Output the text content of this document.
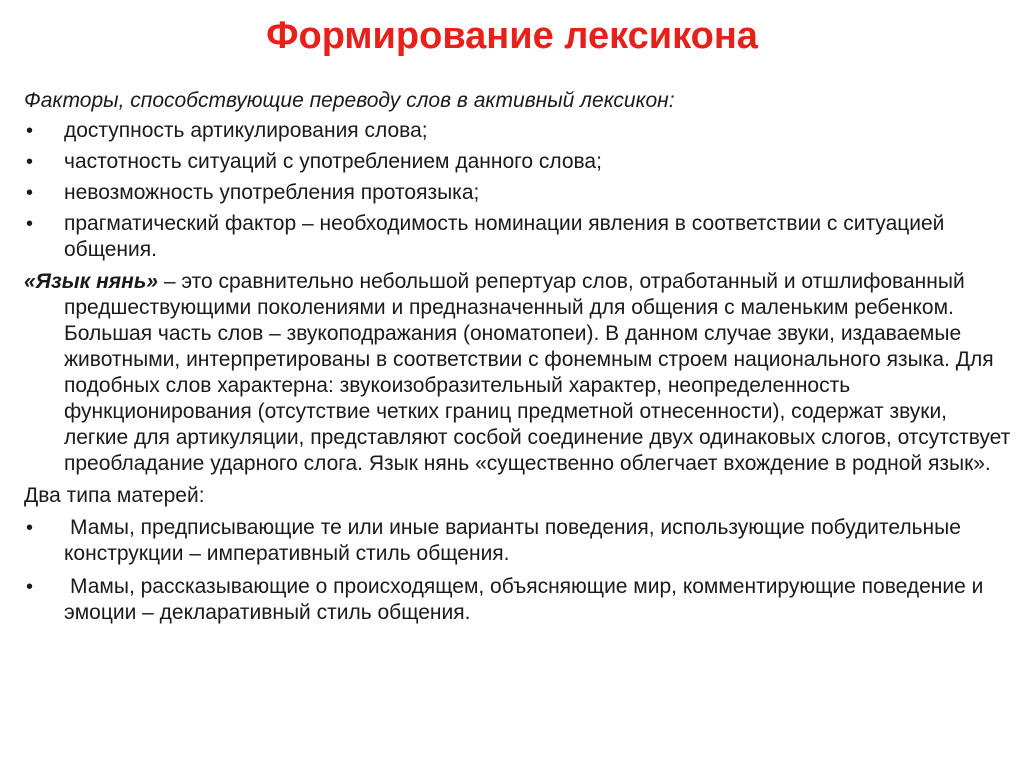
Формирование лексикона
Факторы, способствующие переводу слов в активный лексикон:
• доступность артикулирования слова;
• частотность ситуаций с употреблением данного слова;
• невозможность употребления протоязыка;
• прагматический фактор – необходимость номинации явления в соответствии с ситуацией общения.
«Язык нянь» – это сравнительно небольшой репертуар слов, отработанный и отшлифованный предшествующими поколениями и предназначенный для общения с маленьким ребенком. Большая часть слов – звукоподражания (ономатопеи). В данном случае звуки, издаваемые животными, интерпретированы в соответствии с фонемным строем национального языка. Для подобных слов характерна: звукоизобразительный характер, неопределенность функционирования (отсутствие четких границ предметной отнесенности), содержат звуки, легкие для артикуляции, представляют сосбой соединение двух одинаковых слогов, отсутствует преобладание ударного слога. Язык нянь «существенно облегчает вхождение в родной язык».
Два типа матерей:
• Мамы, предписывающие те или иные варианты поведения, использующие побудительные конструкции – императивный стиль общения.
• Мамы, рассказывающие о происходящем, объясняющие мир, комментирующие поведение и эмоции – декларативный стиль общения.
